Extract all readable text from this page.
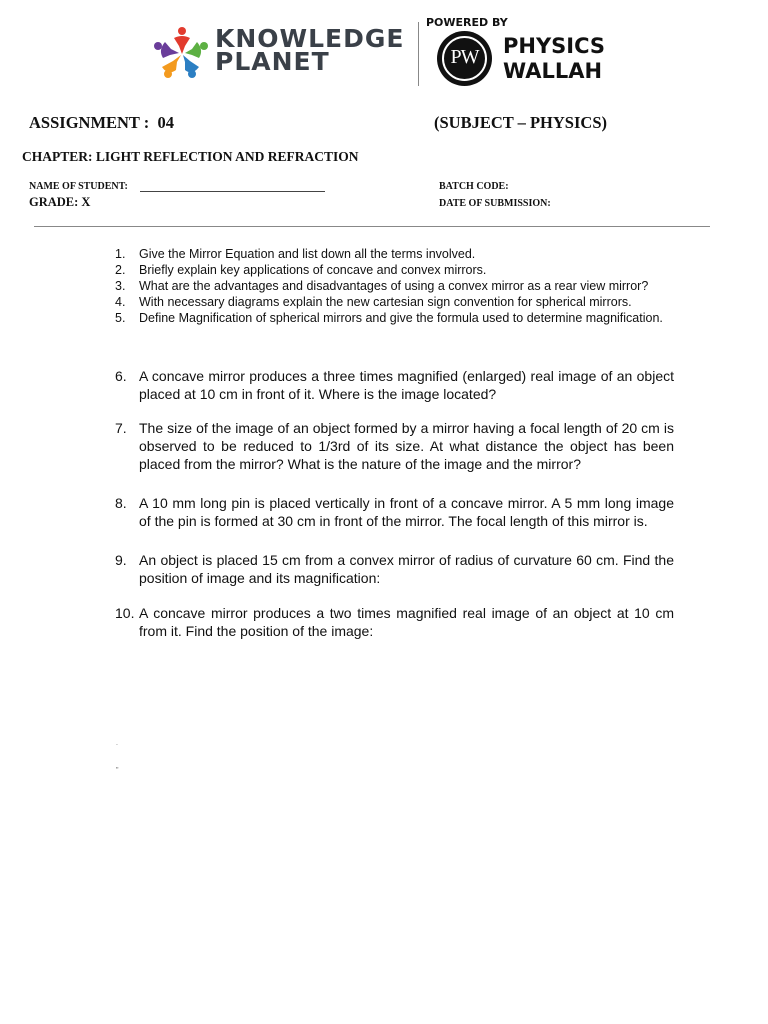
KNOWLEDGE
PLANET
POWERED BY
PW	PHYSICS
WALLAH
ASSIGNMENT :  04	(SUBJECT – PHYSICS)
CHAPTER: LIGHT REFLECTION AND REFRACTION
NAME OF STUDENT:
GRADE: X
BATCH CODE:
DATE OF SUBMISSION:
1.	Give the Mirror Equation and list down all the terms involved.
2.	Briefly explain key applications of concave and convex mirrors.
3.	What are the advantages and disadvantages of using a convex mirror as a rear view mirror?
4.	With necessary diagrams explain the new cartesian sign convention for spherical mirrors.
5.	Define Magnification of spherical mirrors and give the formula used to determine magnification.
6. A concave mirror produces a three times magnified (enlarged) real image of an object placed at 10 cm in front of it. Where is the image located?
7. The size of the image of an object formed by a mirror having a focal length of 20 cm is observed to be reduced to 1/3rd of its size. At what distance the object has been placed from the mirror? What is the nature of the image and the mirror?
8. A 10 mm long pin is placed vertically in front of a concave mirror. A 5 mm long image of the pin is formed at 30 cm in front of the mirror. The focal length of this mirror is.
9. An object is placed 15 cm from a convex mirror of radius of curvature 60 cm. Find the position of image and its magnification:
10. A concave mirror produces a two times magnified real image of an object at 10 cm from it. Find the position of the image:
.
"
